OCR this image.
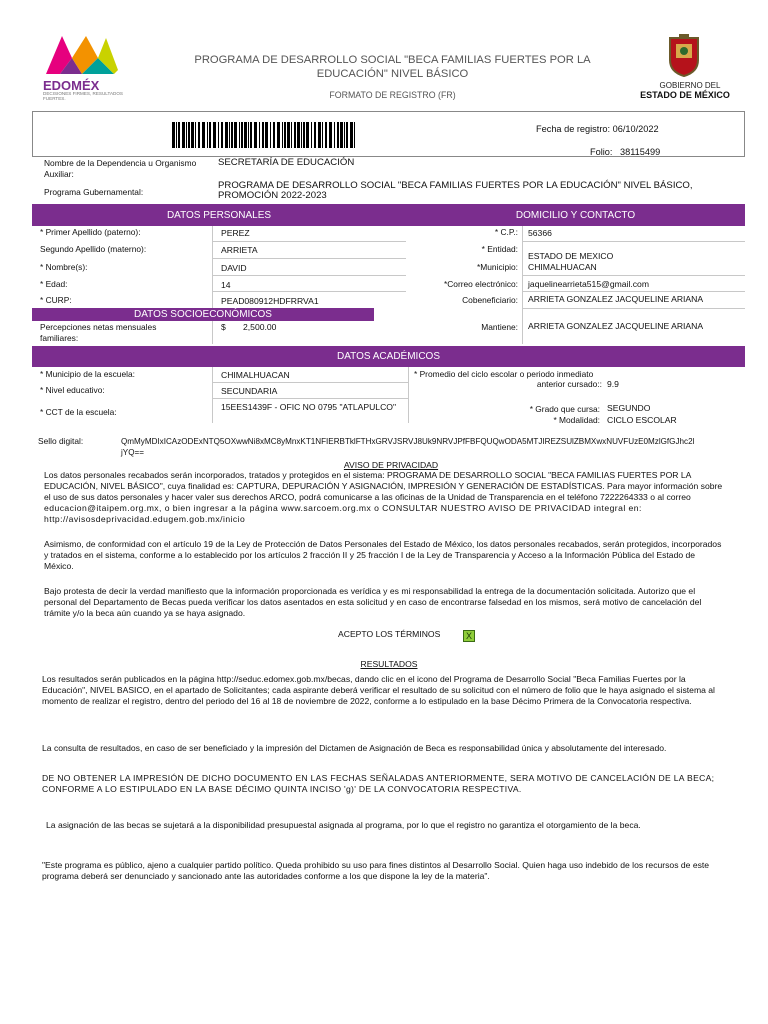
EDOMÉX
DECISIONES FIRMES, RESULTADOS FUERTES.
PROGRAMA DE DESARROLLO SOCIAL "BECA FAMILIAS FUERTES POR LA EDUCACIÓN" NIVEL BÁSICO
FORMATO DE REGISTRO (FR)
GOBIERNO DEL
ESTADO DE MÉXICO
Fecha de registro: 06/10/2022
Folio: 38115499
Nombre de la Dependencia u Organismo Auxiliar:
SECRETARÍA DE EDUCACIÓN
Programa Gubernamental:
PROGRAMA DE DESARROLLO SOCIAL "BECA FAMILIAS FUERTES POR LA EDUCACIÓN" NIVEL BÁSICO, PROMOCIÓN 2022-2023
DATOS PERSONALES	DOMICILIO Y CONTACTO
* Primer Apellido (paterno):	PEREZ
Segundo Apellido (materno):	ARRIETA
* Nombre(s):	DAVID
* Edad:	14
* CURP:	PEAD080912HDFRRVA1
* C.P.: 56366
* Entidad:
ESTADO DE MEXICO
*Municipio: CHIMALHUACAN
*Correo electrónico: jaquelinearrieta515@gmail.com
Cobeneficiario: ARRIETA GONZALEZ JACQUELINE ARIANA
Mantiene: ARRIETA GONZALEZ JACQUELINE ARIANA
DATOS SOCIOECONÓMICOS
Percepciones netas mensuales familiares:
$ 2,500.00
DATOS ACADÉMICOS
* Municipio de la escuela:	CHIMALHUACAN
* Nivel educativo:	SECUNDARIA
* CCT de la escuela:	15EES1439F - OFIC NO 0795 "ATLAPULCO"
* Promedio del ciclo escolar o periodo inmediato
anterior cursado:: 9.9
* Grado que cursa: SEGUNDO
* Modalidad: CICLO ESCOLAR
Sello digital:	QmMyMDIxICAzODExNTQ5OXwwNi8xMC8yMnxKT1NFIERBTklFTHxGRVJSRVJ8Uk9NRVJPfFBFQUQwODA5MTJIREZSUlZBMXwxNUVFUzE0MzlGfGJhc2l
jYQ==
AVISO DE PRIVACIDAD
Los datos personales recabados serán incorporados, tratados y protegidos en el sistema: PROGRAMA DE DESARROLLO SOCIAL "BECA FAMILIAS FUERTES POR LA
EDUCACIÓN, NIVEL BÁSICO", cuya finalidad es: CAPTURA, DEPURACIÓN Y ASIGNACIÓN, IMPRESIÓN Y GENERACIÓN DE ESTADÍSTICAS. Para mayor información sobre
el uso de sus datos personales y hacer valer sus derechos ARCO, podrá comunicarse a las oficinas de la Unidad de Transparencia en el teléfono 7222264333 o al correo
educacion@itaipem.org.mx, o bien ingresar a la página www.sarcoem.org.mx o CONSULTAR NUESTRO AVISO DE PRIVACIDAD integral en:
http://avisosdeprivacidad.edugem.gob.mx/inicio
Asimismo, de conformidad con el artículo 19 de la Ley de Protección de Datos Personales del Estado de México, los datos personales recabados, serán protegidos, incorporados
y tratados en el sistema, conforme a lo establecido por los artículos 2 fracción II y 25 fracción I de la Ley de Transparencia y Acceso a la Información Pública del Estado de
México.
Bajo protesta de decir la verdad manifiesto que la información proporcionada es verídica y es mi responsabilidad la entrega de la documentación solicitada. Autorizo que el
personal del Departamento de Becas pueda verificar los datos asentados en esta solicitud y en caso de encontrarse falsedad en los mismos, será motivo de cancelación del
trámite y/o la beca aún cuando ya se haya asignado.
ACEPTO LOS TÉRMINOS	X
RESULTADOS
Los resultados serán publicados en la página http://seduc.edomex.gob.mx/becas, dando clic en el icono del Programa de Desarrollo Social "Beca Familias Fuertes por la
Educación", NIVEL BASICO, en el apartado de Solicitantes; cada aspirante deberá verificar el resultado de su solicitud con el número de folio que le haya asignado el sistema al
momento de realizar el registro, dentro del periodo del 16 al 18 de noviembre de 2022, conforme a lo estipulado en la base Décimo Primera de la Convocatoria respectiva.
La consulta de resultados, en caso de ser beneficiado y la impresión del Dictamen de Asignación de Beca es responsabilidad única y absolutamente del interesado.
DE NO OBTENER LA IMPRESIÓN DE DICHO DOCUMENTO EN LAS FECHAS SEÑALADAS ANTERIORMENTE, SERA MOTIVO DE CANCELACIÓN DE LA BECA;
CONFORME A LO ESTIPULADO EN LA BASE DÉCIMO QUINTA INCISO 'g)' DE LA CONVOCATORIA RESPECTIVA.
La asignación de las becas se sujetará a la disponibilidad presupuestal asignada al programa, por lo que el registro no garantiza el otorgamiento de la beca.
"Este programa es público, ajeno a cualquier partido político. Queda prohibido su uso para fines distintos al Desarrollo Social. Quien haga uso indebido de los recursos de este
programa deberá ser denunciado y sancionado ante las autoridades conforme a los que dispone la ley de la materia".
